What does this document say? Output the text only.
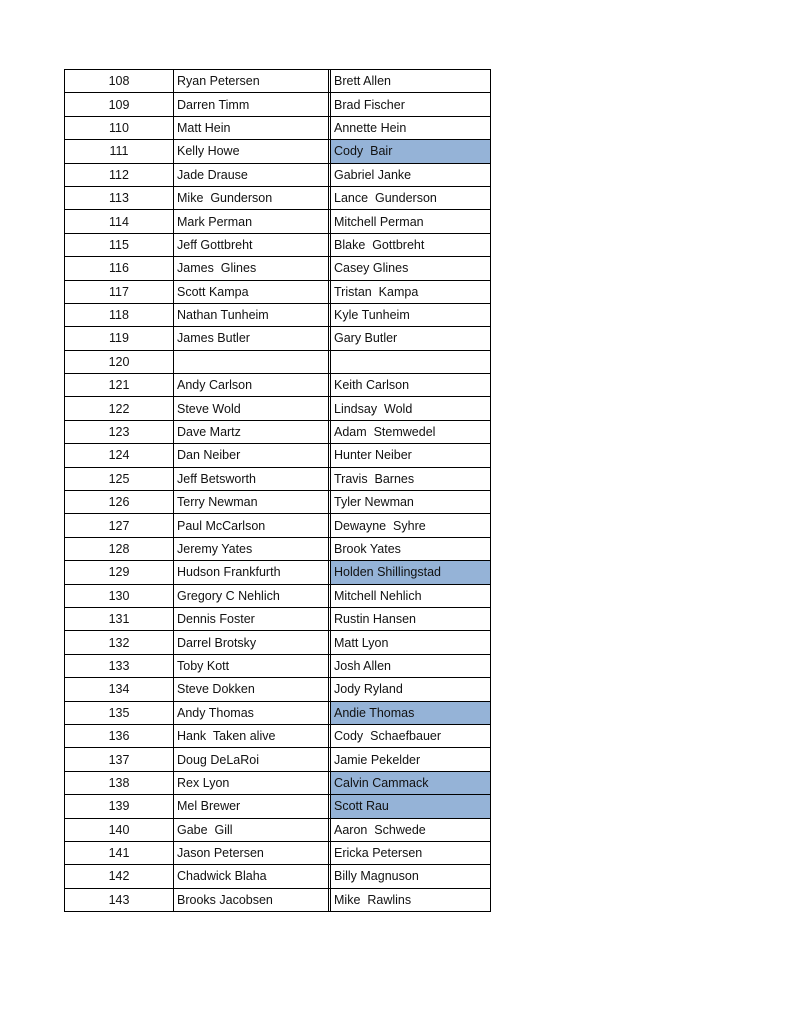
108	Ryan Petersen		Brett Allen
109	Darren Timm		Brad Fischer
110	Matt Hein		Annette Hein
111	Kelly Howe		Cody  Bair
112	Jade Drause		Gabriel Janke
113	Mike  Gunderson		Lance  Gunderson
114	Mark Perman		Mitchell Perman
115	Jeff Gottbreht		Blake  Gottbreht
116	James  Glines		Casey Glines
117	Scott Kampa		Tristan  Kampa
118	Nathan Tunheim		Kyle Tunheim
119	James Butler		Gary Butler
120			
121	Andy Carlson		Keith Carlson
122	Steve Wold		Lindsay  Wold
123	Dave Martz		Adam  Stemwedel
124	Dan Neiber		Hunter Neiber
125	Jeff Betsworth		Travis  Barnes
126	Terry Newman		Tyler Newman
127	Paul McCarlson		Dewayne  Syhre
128	Jeremy Yates		Brook Yates
129	Hudson Frankfurth		Holden Shillingstad
130	Gregory C Nehlich		Mitchell Nehlich
131	Dennis Foster		Rustin Hansen
132	Darrel Brotsky		Matt Lyon
133	Toby Kott		Josh Allen
134	Steve Dokken		Jody Ryland
135	Andy Thomas		Andie Thomas
136	Hank  Taken alive		Cody  Schaefbauer
137	Doug DeLaRoi		Jamie Pekelder
138	Rex Lyon		Calvin Cammack
139	Mel Brewer		Scott Rau
140	Gabe  Gill		Aaron  Schwede
141	Jason Petersen		Ericka Petersen
142	Chadwick Blaha		Billy Magnuson
143	Brooks Jacobsen		Mike  Rawlins
